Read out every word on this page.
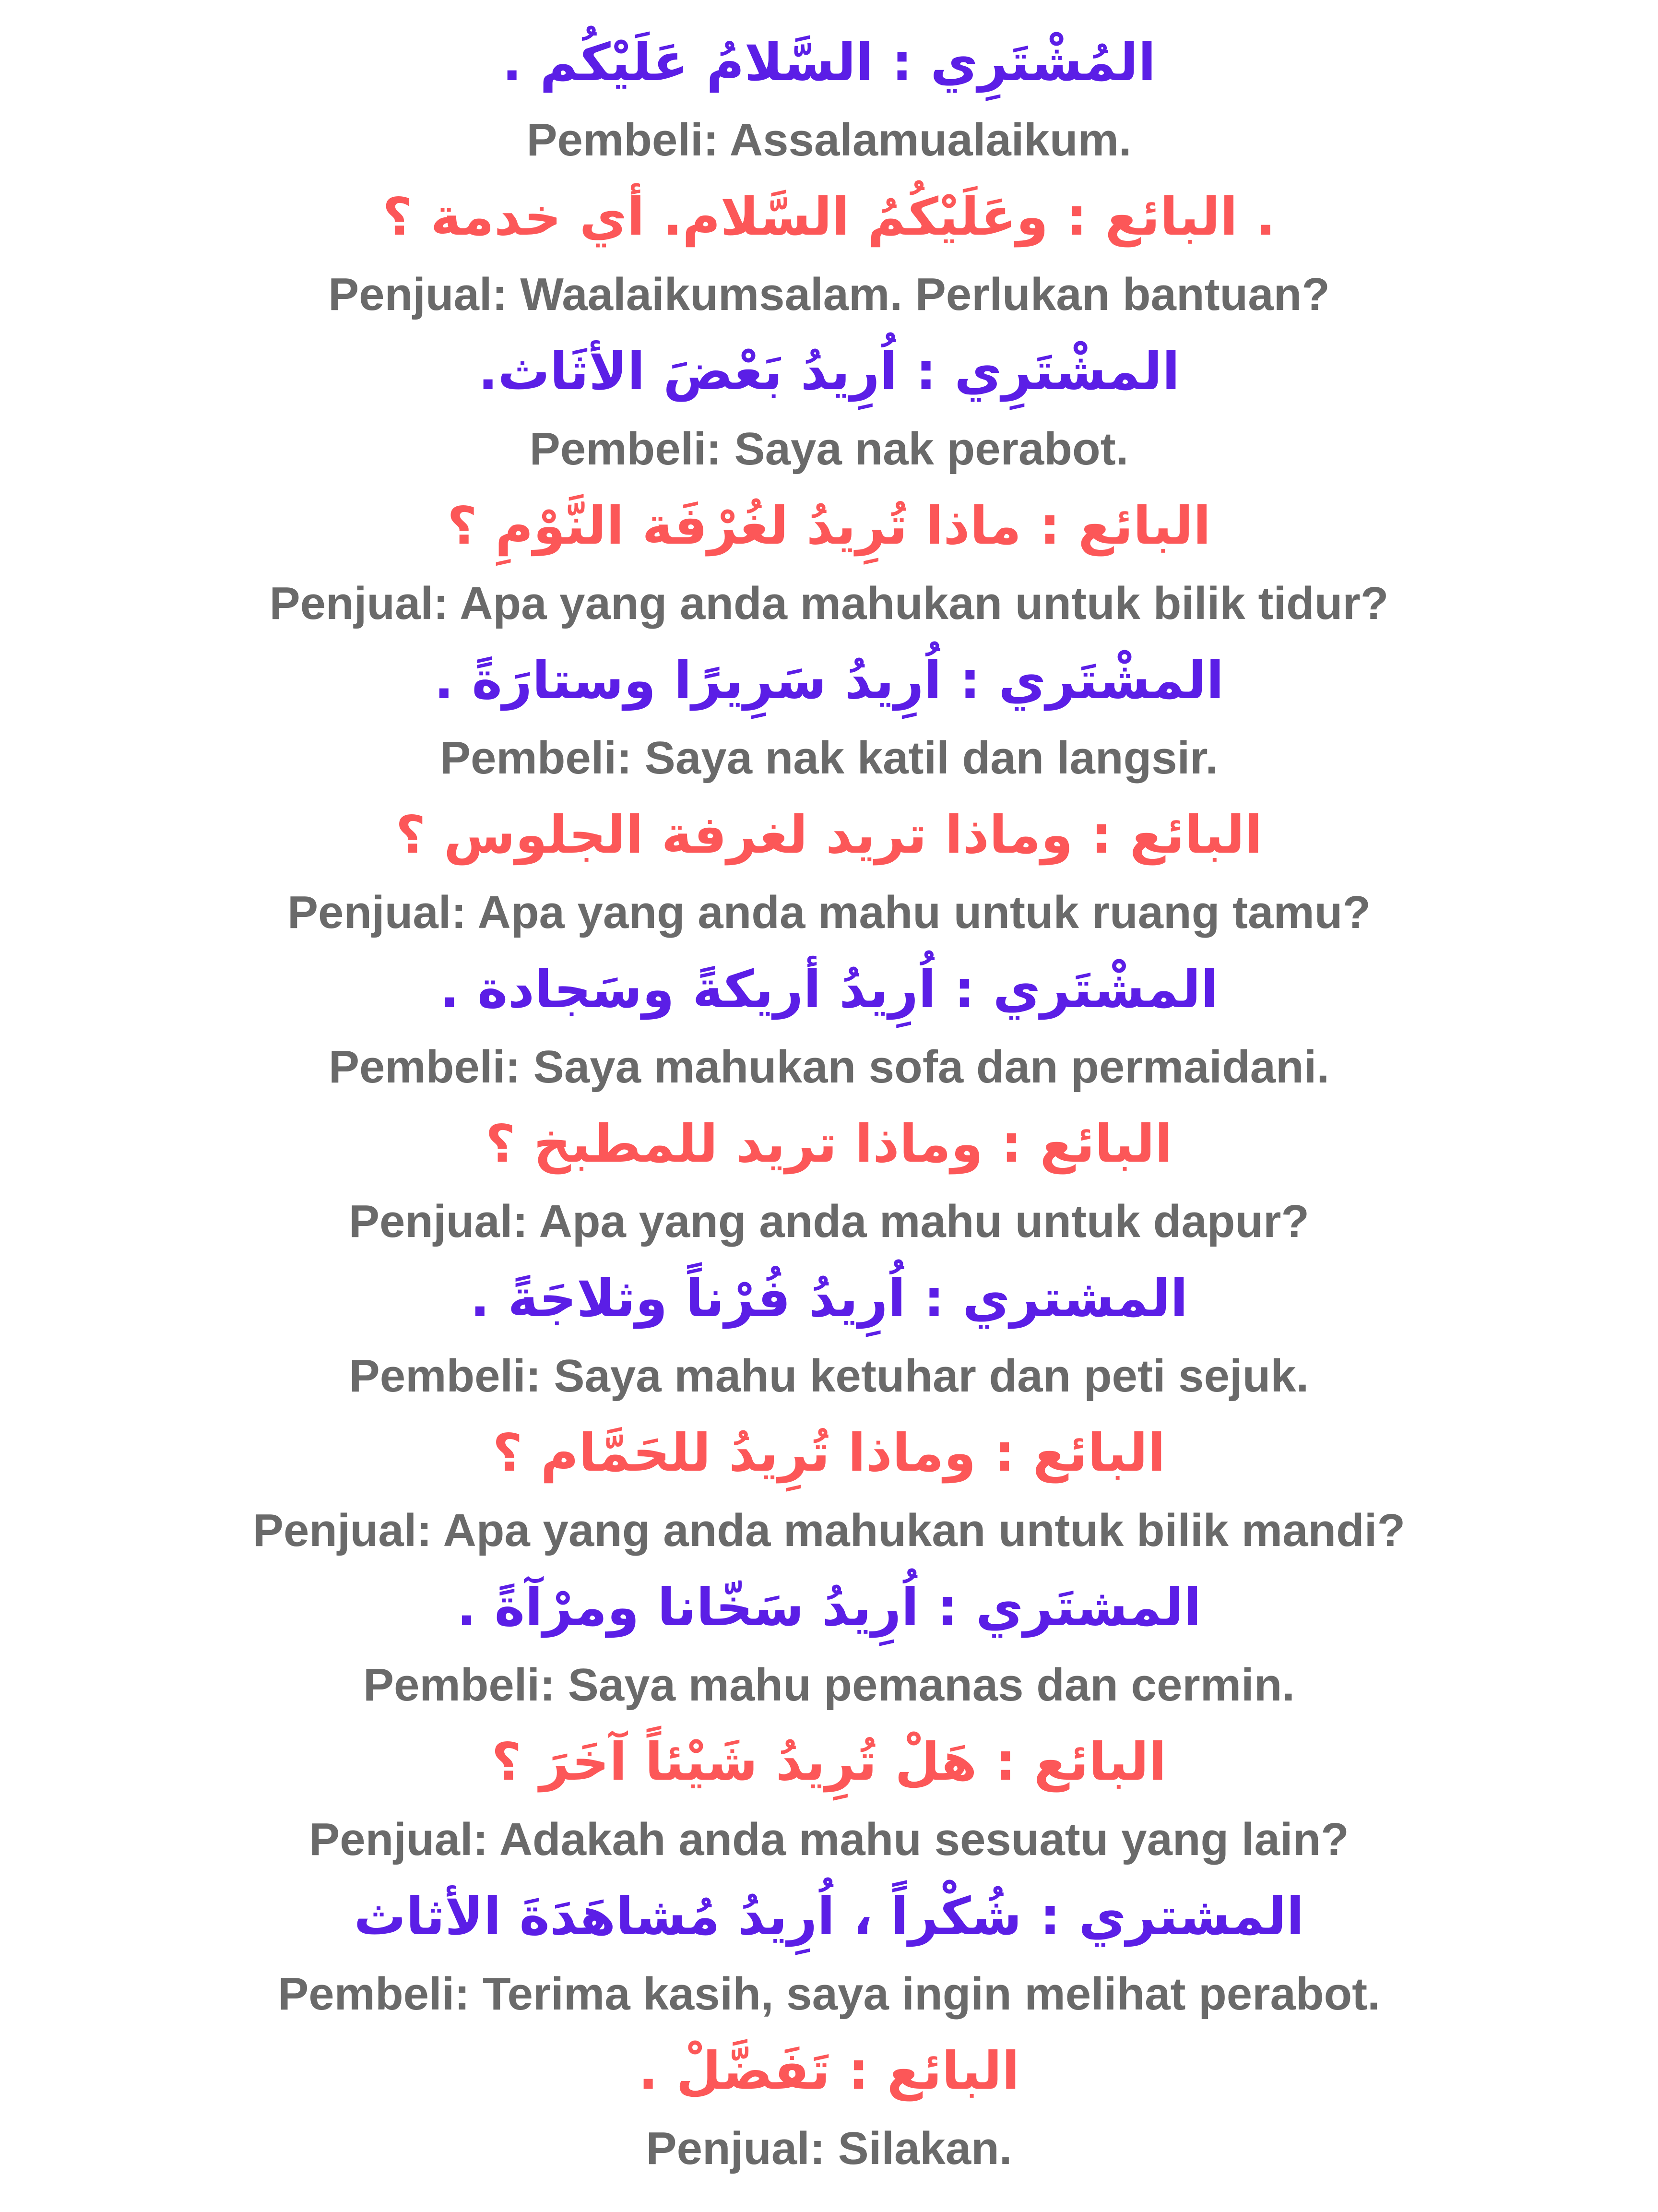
المُشْتَرِي : السَّلامُ عَلَيْكُم .
Pembeli: Assalamualaikum.
. البائع : وعَلَيْكُمُ السَّلام. أي خدمة ؟
Penjual: Waalaikumsalam. Perlukan bantuan?
المشْتَرِي : اُرِيدُ بَعْضَ الأثَاث.
Pembeli: Saya nak perabot.
البائع : ماذا تُرِيدُ لغُرْفَة النَّوْمِ ؟
Penjual: Apa yang anda mahukan untuk bilik tidur?
المشْتَري : اُرِيدُ سَرِيرًا وستارَةً .
Pembeli: Saya nak katil dan langsir.
البائع : وماذا تريد لغرفة الجلوس ؟
Penjual: Apa yang anda mahu untuk ruang tamu?
المشْتَري : اُرِيدُ أريكةً وسَجادة .
Pembeli: Saya mahukan sofa dan permaidani.
البائع : وماذا تريد للمطبخ ؟
Penjual: Apa yang anda mahu untuk dapur?
المشتري : اُرِيدُ فُرْناً وثلاجَةً .
Pembeli: Saya mahu ketuhar dan peti sejuk.
البائع : وماذا تُرِيدُ للحَمَّام ؟
Penjual: Apa yang anda mahukan untuk bilik mandi?
المشتَري : اُرِيدُ سَخّانا ومرْآةً .
Pembeli: Saya mahu pemanas dan cermin.
البائع : هَلْ تُرِيدُ شَيْئاً آخَرَ ؟
Penjual: Adakah anda mahu sesuatu yang lain?
المشتري : شُكْراً ، اُرِيدُ مُشاهَدَةَ الأثاث
Pembeli: Terima kasih, saya ingin melihat perabot.
البائع : تَفَضَّلْ .
Penjual: Silakan.
